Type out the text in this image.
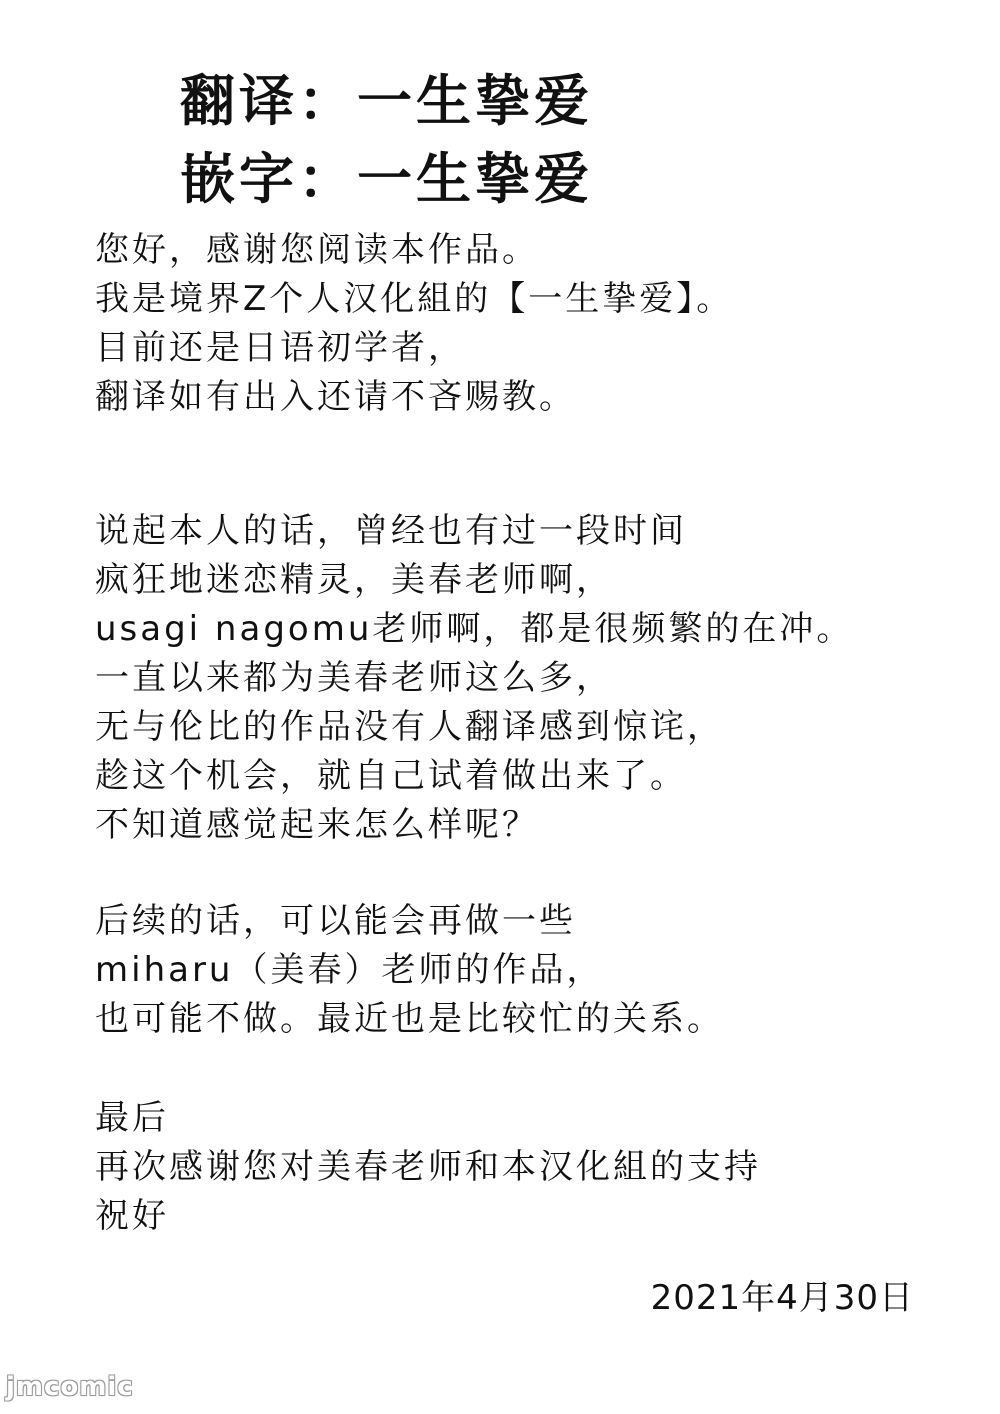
翻译：一生挚爱
嵌字：一生挚爱
您好，感谢您阅读本作品。
我是境界Z个人汉化組的【一生挚爱】。
目前还是日语初学者，
翻译如有出入还请不吝赐教。
说起本人的话，曾经也有过一段时间
疯狂地迷恋精灵，美春老师啊，
usagi nagomu老师啊，都是很频繁的在冲。
一直以来都为美春老师这么多，
无与伦比的作品没有人翻译感到惊诧，
趁这个机会，就自己试着做出来了。
不知道感觉起来怎么样呢？
后续的话，可以能会再做一些
miharu（美春）老师的作品，
也可能不做。最近也是比较忙的关系。
最后
再次感谢您对美春老师和本汉化組的支持
祝好
2021年4月30日
jmcomic
